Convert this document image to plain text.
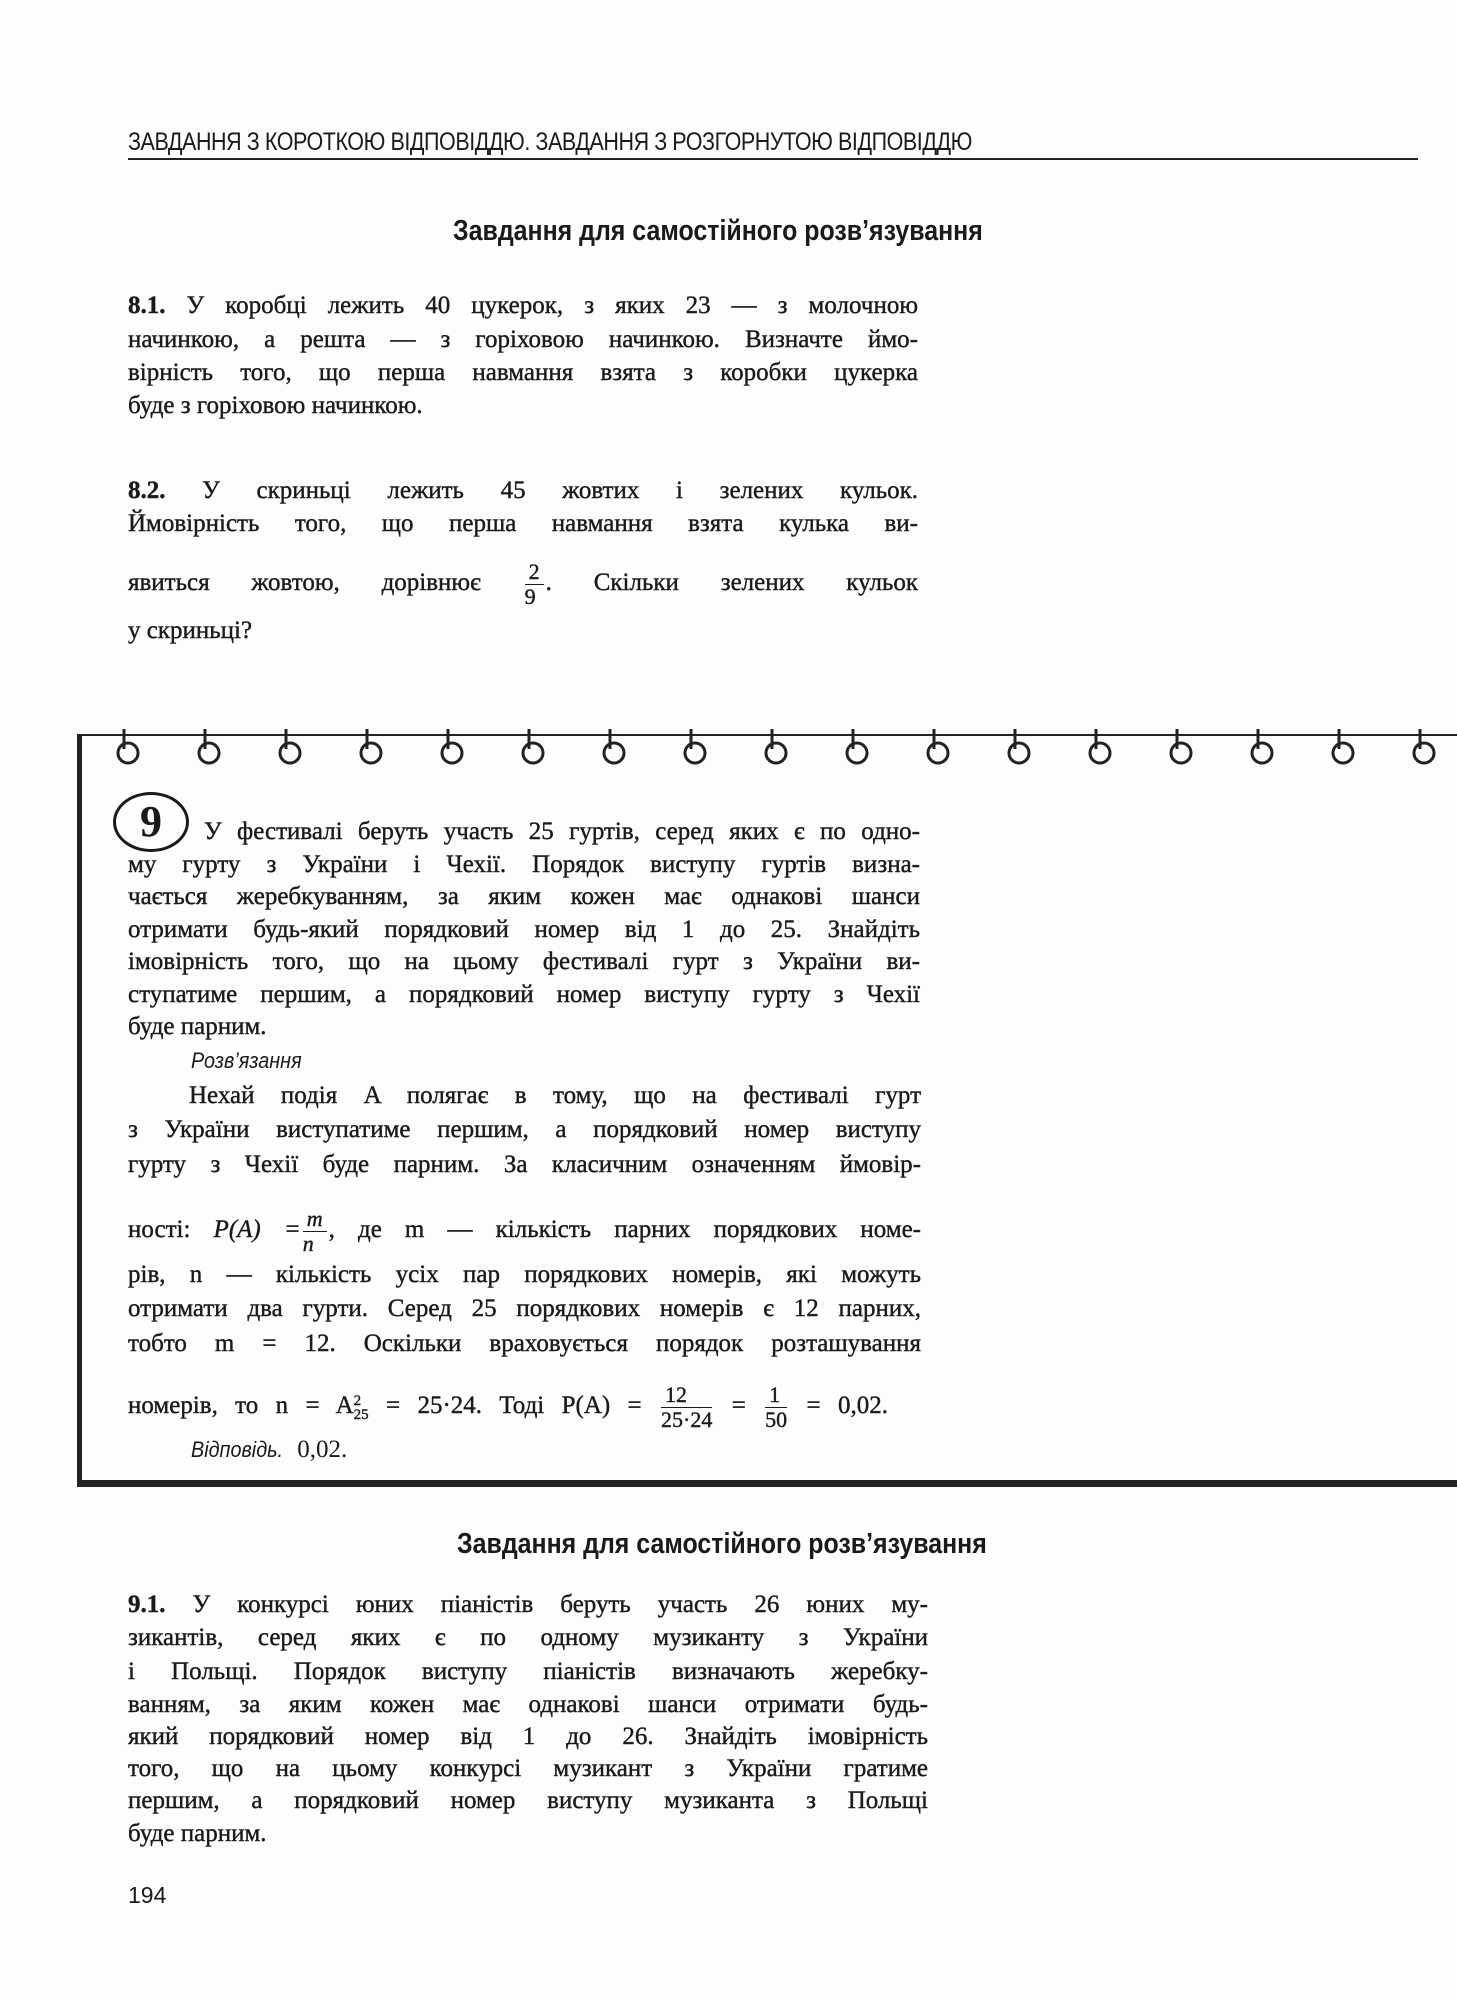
ЗАВДАННЯ З КОРОТКОЮ ВІДПОВІДДЮ. ЗАВДАННЯ З РОЗГОРНУТОЮ ВІДПОВІДДЮ
Завдання для самостійного розв’язування
8.1. У коробці лежить 40 цукерок, з яких 23 — з молочною
начинкою, а решта — з горіховою начинкою. Визначте ймо-
вірність того, що перша навмання взята з коробки цукерка
буде з горіховою начинкою.
8.2. У скриньці лежить 45 жовтих і зелених кульок.
Ймовірність того, що перша навмання взята кулька ви-
явиться жовтою, дорівнює $\frac{2}{9}$ . Скільки зелених кульок
у скриньці?
9	У фестивалі беруть участь 25 гуртів, серед яких є по одно-
му гурту з України і Чехії. Порядок виступу гуртів визна-
чається жеребкуванням, за яким кожен має однакові шанси
отримати будь-який порядковий номер від 1 до 25. Знайдіть
імовірність того, що на цьому фестивалі гурт з України ви-
ступатиме першим, а порядковий номер виступу гурту з Чехії
буде парним.
Розв’язання
Нехай подія A полягає в тому, що на фестивалі гурт
з України виступатиме першим, а порядковий номер виступу
гурту з Чехії буде парним. За класичним означенням ймовір-
ності: $P(A) = \frac{m}{n}$ , де m — кількість парних порядкових номе-
рів, n — кількість усіх пар порядкових номерів, які можуть
отримати два гурти. Серед 25 порядкових номерів є 12 парних,
тобто m = 12. Оскільки враховується порядок розташування
номерів, то n = A 2
25 = 25·24. Тоді $P(A) = \frac{12}{25\cdot 24} = \frac{1}{50} = 0,02$.
Відповідь. 0,02.
Завдання для самостійного розв’язування
9.1. У конкурсі юних піаністів беруть участь 26 юних му-
зикантів, серед яких є по одному музиканту з України
і Польщі. Порядок виступу піаністів визначають жеребку-
ванням, за яким кожен має однакові шанси отримати будь-
який порядковий номер від 1 до 26. Знайдіть імовірність
того, що на цьому конкурсі музикант з України гратиме
першим, а порядковий номер виступу музиканта з Польщі
буде парним.
194
